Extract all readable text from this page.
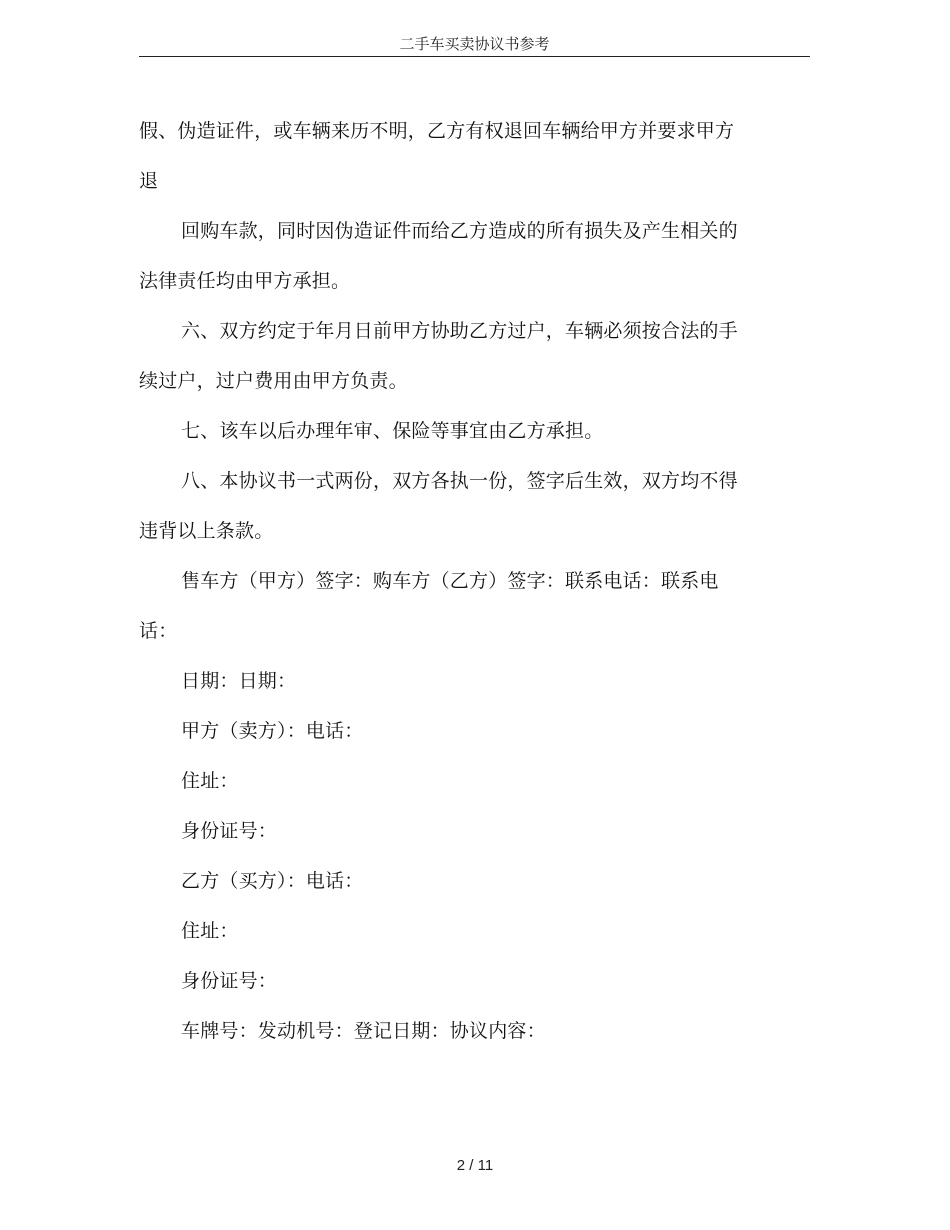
二手车买卖协议书参考

假、伪造证件，或车辆来历不明，乙方有权退回车辆给甲方并要求甲方退

回购车款，同时因伪造证件而给乙方造成的所有损失及产生相关的法律责任均由甲方承担。

六、双方约定于年月日前甲方协助乙方过户，车辆必须按合法的手续过户，过户费用由甲方负责。

七、该车以后办理年审、保险等事宜由乙方承担。

八、本协议书一式两份，双方各执一份，签字后生效，双方均不得违背以上条款。

售车方（甲方）签字：购车方（乙方）签字：联系电话：联系电话：

日期：日期：

甲方（卖方）：电话：

住址：

身份证号：

乙方（买方）：电话：

住址：

身份证号：

车牌号：发动机号：登记日期：协议内容：

2 / 11
